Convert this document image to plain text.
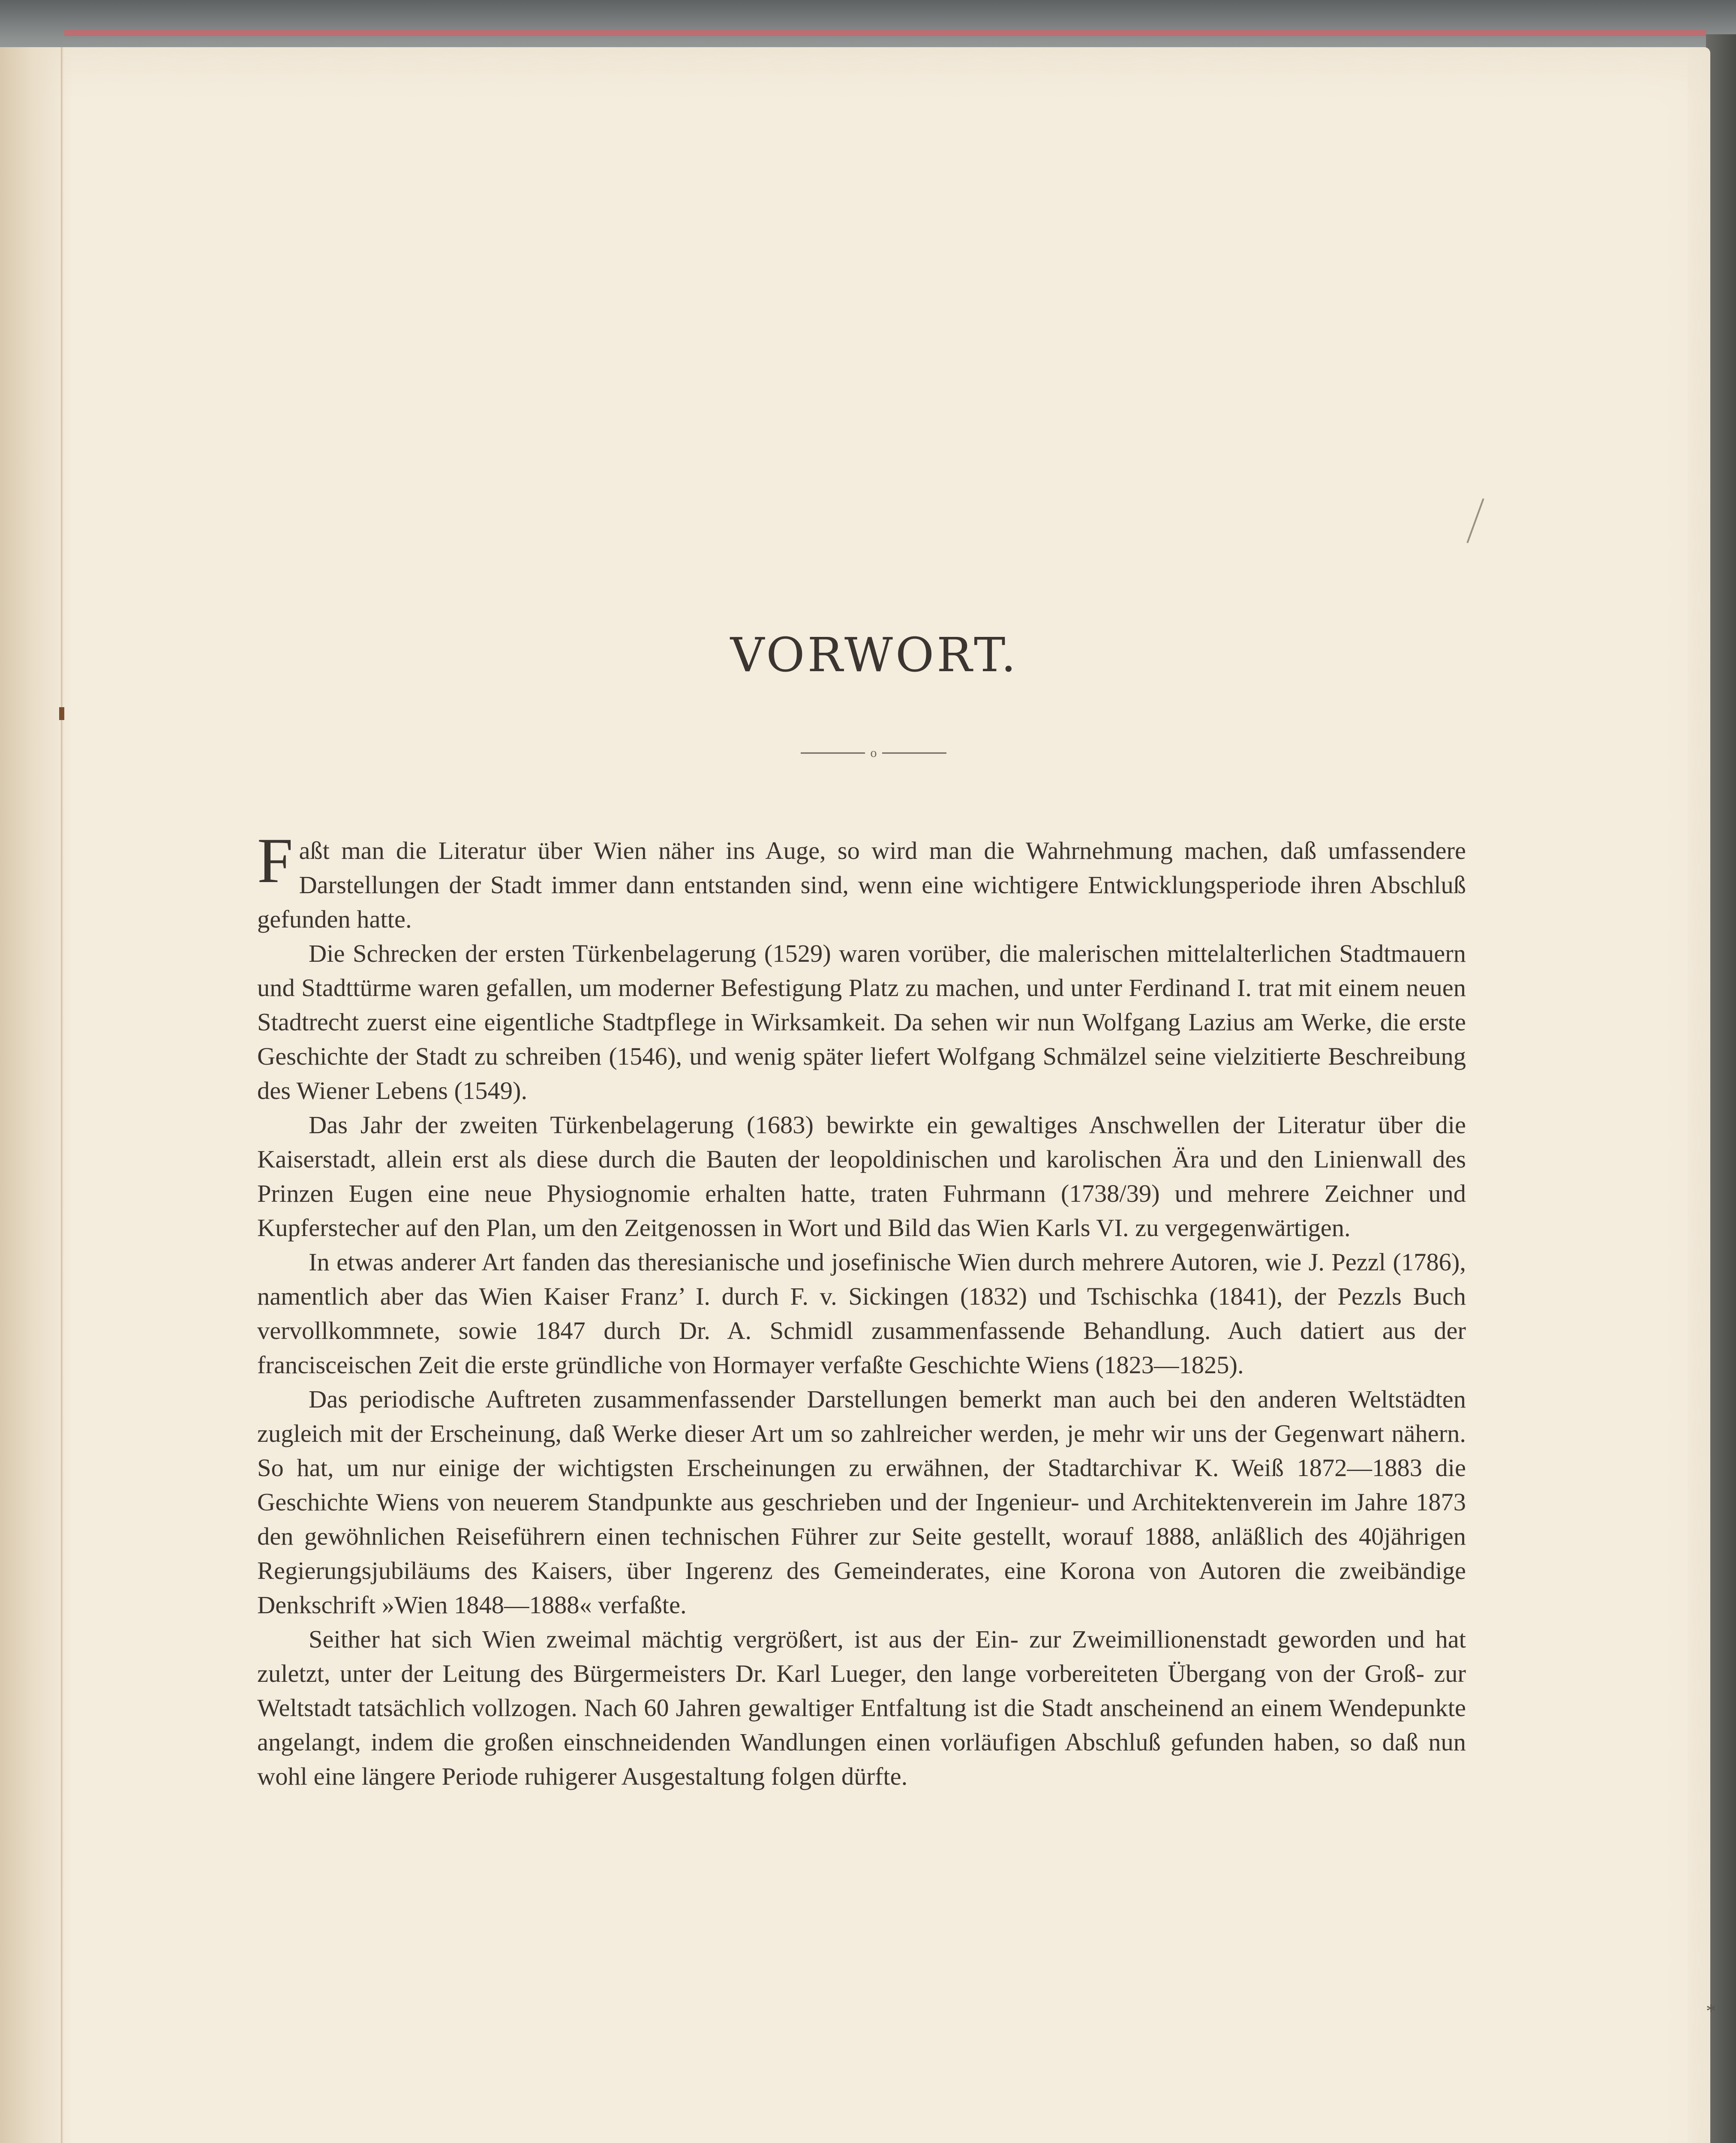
VORWORT.
o

Faßt man die Literatur über Wien näher ins Auge, so wird man die Wahrnehmung machen, daß umfassendere Darstellungen der Stadt immer dann entstanden sind, wenn eine wichtigere Entwicklungsperiode ihren Abschluß gefunden hatte.

Die Schrecken der ersten Türkenbelagerung (1529) waren vorüber, die malerischen mittelalterlichen Stadtmauern und Stadttürme waren gefallen, um moderner Befestigung Platz zu machen, und unter Ferdinand I. trat mit einem neuen Stadtrecht zuerst eine eigentliche Stadtpflege in Wirksamkeit. Da sehen wir nun Wolfgang Lazius am Werke, die erste Geschichte der Stadt zu schreiben (1546), und wenig später liefert Wolfgang Schmälzel seine vielzitierte Beschreibung des Wiener Lebens (1549).

Das Jahr der zweiten Türkenbelagerung (1683) bewirkte ein gewaltiges Anschwellen der Literatur über die Kaiserstadt, allein erst als diese durch die Bauten der leopoldinischen und karolischen Ära und den Linienwall des Prinzen Eugen eine neue Physiognomie erhalten hatte, traten Fuhrmann (1738/39) und mehrere Zeichner und Kupferstecher auf den Plan, um den Zeitgenossen in Wort und Bild das Wien Karls VI. zu vergegenwärtigen.

In etwas anderer Art fanden das theresianische und josefinische Wien durch mehrere Autoren, wie J. Pezzl (1786), namentlich aber das Wien Kaiser Franz’ I. durch F. v. Sickingen (1832) und Tschischka (1841), der Pezzls Buch vervollkommnete, sowie 1847 durch Dr. A. Schmidl zusammenfassende Behandlung. Auch datiert aus der francisceischen Zeit die erste gründliche von Hormayer verfaßte Geschichte Wiens (1823—1825).

Das periodische Auftreten zusammenfassender Darstellungen bemerkt man auch bei den anderen Weltstädten zugleich mit der Erscheinung, daß Werke dieser Art um so zahlreicher werden, je mehr wir uns der Gegenwart nähern. So hat, um nur einige der wichtigsten Erscheinungen zu erwähnen, der Stadtarchivar K. Weiß 1872—1883 die Geschichte Wiens von neuerem Standpunkte aus geschrieben und der Ingenieur- und Architektenverein im Jahre 1873 den gewöhnlichen Reiseführern einen technischen Führer zur Seite gestellt, worauf 1888, anläßlich des 40jährigen Regierungsjubiläums des Kaisers, über Ingerenz des Gemeinderates, eine Korona von Autoren die zweibändige Denkschrift »Wien 1848—1888« verfaßte.

Seither hat sich Wien zweimal mächtig vergrößert, ist aus der Ein- zur Zweimillionenstadt geworden und hat zuletzt, unter der Leitung des Bürgermeisters Dr. Karl Lueger, den lange vorbereiteten Übergang von der Groß- zur Weltstadt tatsächlich vollzogen. Nach 60 Jahren gewaltiger Entfaltung ist die Stadt anscheinend an einem Wendepunkte angelangt, indem die großen einschneidenden Wandlungen einen vorläufigen Abschluß gefunden haben, so daß nun wohl eine längere Periode ruhigerer Ausgestaltung folgen dürfte.

*
